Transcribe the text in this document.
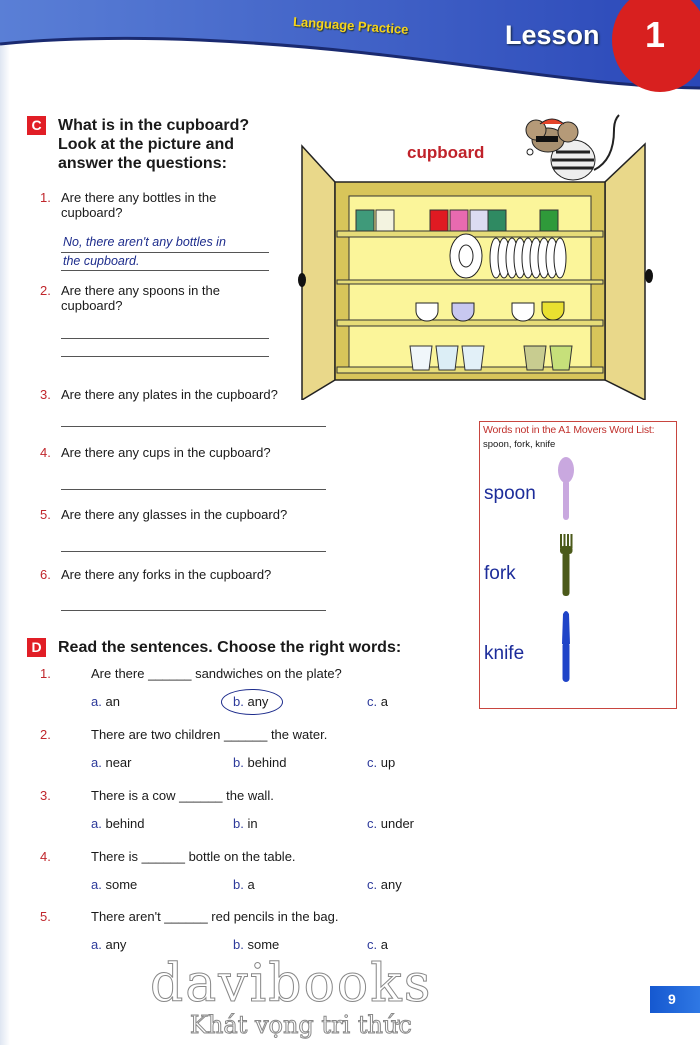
Language Practice	Lesson 1
C What is in the cupboard?
Look at the picture and
answer the questions:
1. Are there any bottles in the
cupboard?
No, there aren't any bottles in
the cupboard.
2. Are there any spoons in the
cupboard?
3. Are there any plates in the cupboard?
4. Are there any cups in the cupboard?
5. Are there any glasses in the cupboard?
6. Are there any forks in the cupboard?
cupboard
Words not in the A1 Movers Word List:
spoon, fork, knife
spoon
fork
knife
D Read the sentences. Choose the right words:
1.	Are there ______ sandwiches on the plate?
a. an	b. any	c. a
2.	There are two children ______ the water.
a. near	b. behind	c. up
3.	There is a cow ______ the wall.
a. behind	b. in	c. under
4.	There is ______ bottle on the table.
a. some	b. a	c. any
5.	There aren't ______ red pencils in the bag.
a. any	b. some	c. a
davibooks
Khát vọng tri thức
9
